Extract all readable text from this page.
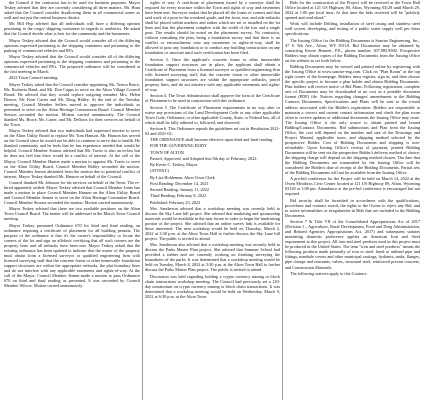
the Council if the contractor has to be used for business purposes. Mayor Teskey advised that they are currently considering all three matters. Mr. Hunt asked that the Council consider disallowing them in all commercial zones as well and not just the central business district.

Mr. Hill Hyp advised that all individuals will have a differing opinion pertaining to the cargo/ shipping containers in regards to aesthetics. He asked that the Council decide what is best for the community and the businesses.

Mayor Teskey advised that the Council would consider all of the differing opinions expressed pertaining to the shipping containers and pertaining to the parking of commercial vehicles and RVs.

Mayor Teskey advised that the Council would consider all of the differing opinions expressed pertaining to the shipping containers and pertaining to the commercial vehicles and RVs. The proposed ordinance will be considered at the first meeting in March.

2022 Town Council meeting.

Mayor Teskey asked that the Council consider appointing Ms. Teresa Bruce, Ms. Rosheria Band, and Mr. Don Capps to serve on the Alton Village Council Board. He advised that they would replace outgoing member Mrs. Helen Deaver, Mr. Kent Carter and Mr. Doug Ridley. At the end of the Tuesday meeting, Council Member Sellers moved to approve the individuals as presented to serve on the Alton Heritage Commission Board. Council Member Stetson seconded the motion. Motion carried unanimously. The Council thanked Ms. Bruce, Mr. Carter, and Mr. Dellows for their services on behalf of the Town.

Mayor Teskey advised that two individuals had expressed interest to serve on the Alton Utility Board to replace Mr. Tom Hanson. Mr. Hanson has served on the Council since he would not be able to continue to serve due to health. He thanked community and he feels that he has experience needed that would be helpful. Council Member Strauss advised that Mr. Travis is also an in-law but he does not feel that there would be a conflict of interest. At the call of the Mayor, Council Member Hunter made a motion to appoint Mr. Travis to serve on the Alton Utility Board. Council Member Ridley seconded the motion. Council Member Jensen abstained from the motion due to potential conflict of interest. Mayor Teskey thanked Mr. Hanson on behalf of the Council.

Council thanked Mr. Johnson for his services on behalf of the Town. The re-hired apparently settled. Mayor Teskey advised that Council Member Jones has made a motion to place Council Member Hansen on the Alton Utility Board and Council Member Jensen to serve on the Alton Heritage Committee Board. Council Member Strauss seconded the motion. Motion carried unanimously.

Mayor Teskey advised that there are two available positions on the Alton Town Council Board. The matter will be addressed at the March Town Council meeting.

Mayor Teskey presented Ordinance 670 for third and final reading, an ordinance requiring a certificate of placement for all building permits. The purpose of the ordinance is that it's the owner's responsibility to locate the corners of the lot and sign an affidavit certifying that all such corners are the property lines and all setbacks have been met. Mayor Teskey asked that the existing ordinance has been updated to indicate that the owner of the property must obtain from a licensed surveyor or qualified engineering firm with licensed surveying staff that the concrete forms or other immovable foundation support structures are within the appropriate setbacks, the plat boundary lines and do not interfere with any applicable easements and rights-of-way. At the call of the Mayor, Council Member Jensen made a motion to pass Ordinance 670 on third and final reading as presented. It was seconded by Council Member Wilcox. Motion carried unanimously.

rights of way. A certificate of placement issued by a surveyor shall be required for every structure within the Town and rights of way and easements have been met. Surveyor makes that he placed all the forms of corners and that said work of a pour in the woodend grade, and the front, rear, and side setbacks shall be placed within markers and stakes which are set or installed on the lot lines and that the placement complies with the width of the lots and a single pour. The results should be noted on the placement survey. No contractor, without consulting the plan, being a foundation survey and that there is no conflict or encroachment onto any easements or rights-of-way, shall be allowed to pour any foundation or to conduct any building construction on any foundation or structure until such certification has been filed.

Section 3. Once the applicant's concrete forms or other immovable foundation support structures are in place, the applicant shall obtain a Certificate of Placement from a licensed surveyor or qualified engineering firm with licensed surveying staff, that the concrete forms or other immovable foundation support structures are within the appropriate setbacks, parcel property lines, and do not interfere with any applicable easements and rights-of-way.

Section 4. The Town Administrator shall approve the form of the Certificate of Placement to be used in conjunction with this ordinance.

Section 5. The Certificate of Placement requirements in no way alter or waive any provisions of the Land Development Code or any other applicable Town Code, Ordinance, or other applicable County, State, or Federal law, all of which shall be fully adhered to, followed, and observed.

Section 6. This Ordinance repeals the guidelines set out in Resolution 2021-03 and 2021-02.

THE ORDINANCE shall become effective upon third and final reading.

FOR THE GOVERNING BODY

TOWN OF ALTON

Passed, Approved, and Adopted this 8th day of February, 2022.

By Kevin C. Teskey, Mayor

(ATTEST:)

By Lisa Holdeman, Alton Town Clerk

First Reading: December 14, 2021

Second Reading: January 11, 2022

Third Reading: February 8, 2022

Published: February 23, 2022

Mrs. Sanderson advised that a workshop meeting was recently held to discuss the Sky Lane hill project. She advised that marketing and sponsorship materials would be available in the near future in order to begin the fundraising portion of the project. She advised that an online survey link is available for those interested. The next workshop would be held on Thursday, March 2, 2022 at 3:30 p.m. at the Alton Town Hall to further discuss the Sky Lane hill project. The public is invited to attend.

Mrs. Sanderson also advised that a workshop meeting was recently held to discuss the Parks Master Plan project. She advised that Summer School had provided a rubber and are currently working on finishing surveying the boundaries of the parks. It was determined that a workshop meeting would be held on Tuesday, March 8, 2022 at 3:30 p.m. at the Alton Town Hall to further discuss the Parks Master Plan project. The public is invited to attend.

Discussion was held regarding holding a crypto currency mining or block chain transactions workshop meeting. The Council had previously set a 120-day moratorium on crypto currency mining or block chain transactions. It was determined that a workshop meeting would be held on Wednesday, March 9, 2022 at 6:30 p.m. at the Alton Town

Bids for the construction of the Project will be received at the Town Hall Office located at 121 US Highway 80, Alton, Wyoming 83128 until March 29, 2022 at 1:00 pm local time. At that time the bids received will be "publicly opened and read aloud."

Work will include Drilling, installation of steel casing and stainless steel well screen, developing, and testing of a public water supply well per these specifications.

The Issuing Office for the Bidding Documents is Sunrise Engineering, Inc., 47 S. 8th Ave., Afton, WY 83110. Bid Documents may be obtained by contacting Kerrie Bennett, P.E., phone number 307.885.8500. Prospective Bidders may obtain copies of the Bidding Documents from the Issuing Office on the website as set forth below.

Bidding Documents may be viewed and printed online by registering with the Issuing Office at www.sunrise-eng.com. Click on "Plan Room" at the top right corner of the homepage. Bidders must register, sign in, and then choose the specific project to become a plan holder and obtain Bidding Documents. Plan holders will receive notice of Bid Plans. Following registration, complete sets of Documents may be downloaded at no cost as a portable document format (PDF) file. Notices regarding changes/ amendments to the Bidding Contract Documents, Specifications and Plans will be sent to the e-mail address associated with the Bidder's registration. Bidders are responsible to maintain a correct and current contact information and check the plan room often to receive updates or additional documents the Issuing Office may issue. The Issuing Office is the only source to obtain printed and bound Bidding/Contract Documents. Bid submissions and Plan from the Issuing Office, the cost will depend on the number and size of the Drawings and Project Manual, applicable taxes, and shipping method selected by the prospective Bidder. Cost of Bidding Documents and shipping is non-refundable. Upon Issuing Office's receipt of payment, printed Bidding Documents will be sent via the prospective Bidder's delivery method of choice; the shipping charge will depend on the shipping method chosen. The date that the Bidding Documents are transmitted by the Issuing Office will be considered the Bidder's date of receipt of the Bidding Documents. Partial sets of the Bidding Documents will not be available from the Issuing Office.

A pre-bid conference for the Project will be held on March 14, 2022 at the Owen Meadows Civic Center located at 121 US Highway 89, Afton, Wyoming 83128 at 1:00 pm. Attendance at the pre-bid conference is encouraged but not required.

Bid security shall be furnished in accordance with the qualifications, procedures and contract award, the rights to the Owner to reject any Bid, and to waive informalities or irregularities in Bids that are included in the Bidding Documents.

Section 7 & Title VII of the Consolidated Appropriations Act of 2017 (Division I – Agriculture, Rural Development, Food and Drug Administration, and Related Agencies Appropriations Act, 2017) and subsequent statutes mandating domestic preference applies an American Iron and Steel requirement to this project. All iron and steel products used in this project must be produced in the United States. The term "iron and steel products" means the following products made primarily of iron or steel: lined or unlined pipe and fittings, manhole covers and other municipal castings, hydrants, tanks, flanges, pipe clamps and restraints, valves, structural steel, reinforced precast concrete, and Construction Materials.

The following waivers apply to this Contract:
